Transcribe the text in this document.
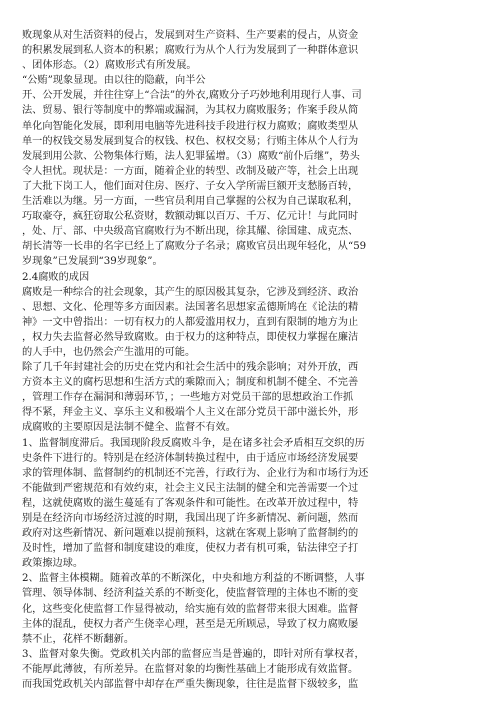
败现象从对生活资料的侵占，发展到对生产资料、生产要素的侵占，从资金
的积累发展到私人资本的积累；腐败行为从个人行为发展到了一种群体意识
、团体形态。（2）腐败形式有所发展。
“公贿”现象显现。由以往的隐蔽，向半公
开、公开发展，并往往穿上“合法”的外衣,腐败分子巧妙地利用现行人事、司
法、贸易、银行等制度中的弊端或漏洞，为其权力腐败服务；作案手段从简
单化向智能化发展，即利用电脑等先进科技手段进行权力腐败；腐败类型从
单一的权钱交易发展到复合的权钱、权色、权权交易；行贿主体从个人行为
发展到用公款、公物集体行贿，法人犯罪猛增。（3）腐败“前仆后继”，势头
令人担忧。现状是：一方面，随着企业的转型、改制及破产等，社会上出现
了大批下岗工人，他们面对住房、医疗、子女入学所需巨额开支愁肠百转，
生活难以为继。另一方面，一些官员利用自己掌握的公权为自己谋取私利，
巧取豪夺，疯狂窃取公私资财，数额动辄以百万、千万、亿元计！与此同时
，处、厅、部、中央级高官腐败行为不断出现，徐其耀、徐国建、成克杰、
胡长清等一长串的名字已经上了腐败分子名录；腐败官员出现年轻化，从“59
岁现象”已发展到“39岁现象”。
2.4腐败的成因
腐败是一种综合的社会现象，其产生的原因极其复杂，它涉及到经济、政治
、思想、文化、伦理等多方面因素。法国著名思想家孟德斯鸠在《论法的精
神》一文中曾指出：一切有权力的人都爱滥用权力，直到有限制的地方为止
，权力失去监督必然导致腐败。由于权力的这种特点，即使权力掌握在廉洁
的人手中，也仍然会产生滥用的可能。
除了几千年封建社会的历史在党内和社会生活中的残余影响；对外开放，西
方资本主义的腐朽思想和生活方式的乘隙而入；制度和机制不健全、不完善
，管理工作存在漏洞和薄弱环节，；一些地方对党员干部的思想政治工作抓
得不紧，拜金主义、享乐主义和极端个人主义在部分党员干部中滋长外，形
成腐败的主要原因是法制不健全、监督不有效。
1、监督制度滞后。我国现阶段反腐败斗争，是在诸多社会矛盾相互交织的历
史条件下进行的。特别是在经济体制转换过程中，由于适应市场经济发展要
求的管理体制、监督制约的机制还不完善，行政行为、企业行为和市场行为还
不能做到严密规范和有效约束，社会主义民主法制的健全和完善需要一个过
程，这就使腐败的滋生蔓延有了客观条件和可能性。在改革开放过程中，特
别是在经济向市场经济过渡的时期，我国出现了许多新情况、新问题，然而
政府对这些新情况、新问题难以提前预料，这就在客观上影响了监督制约的
及时性，增加了监督和制度建设的难度，使权力者有机可乘，钻法律空子打
政策擦边球。
2、监督主体模糊。随着改革的不断深化，中央和地方利益的不断调整，人事
管理、领导体制、经济利益关系的不断变化，使监督管理的主体也不断的变
化，这些变化使监督工作显得被动，给实施有效的监督带来很大困难。监督
主体的混乱，使权力者产生侥幸心理，甚至是无所顾忌，导致了权力腐败屡
禁不止，花样不断翻新。
3、监督对象失衡。党政机关内部的监督应当是普遍的，即针对所有掌权者，
不能厚此薄彼，有所差异。在监督对象的均衡性基础上才能形成有效监督。
而我国党政机关内部监督中却存在严重失衡现象，往往是监督下级较多，监
